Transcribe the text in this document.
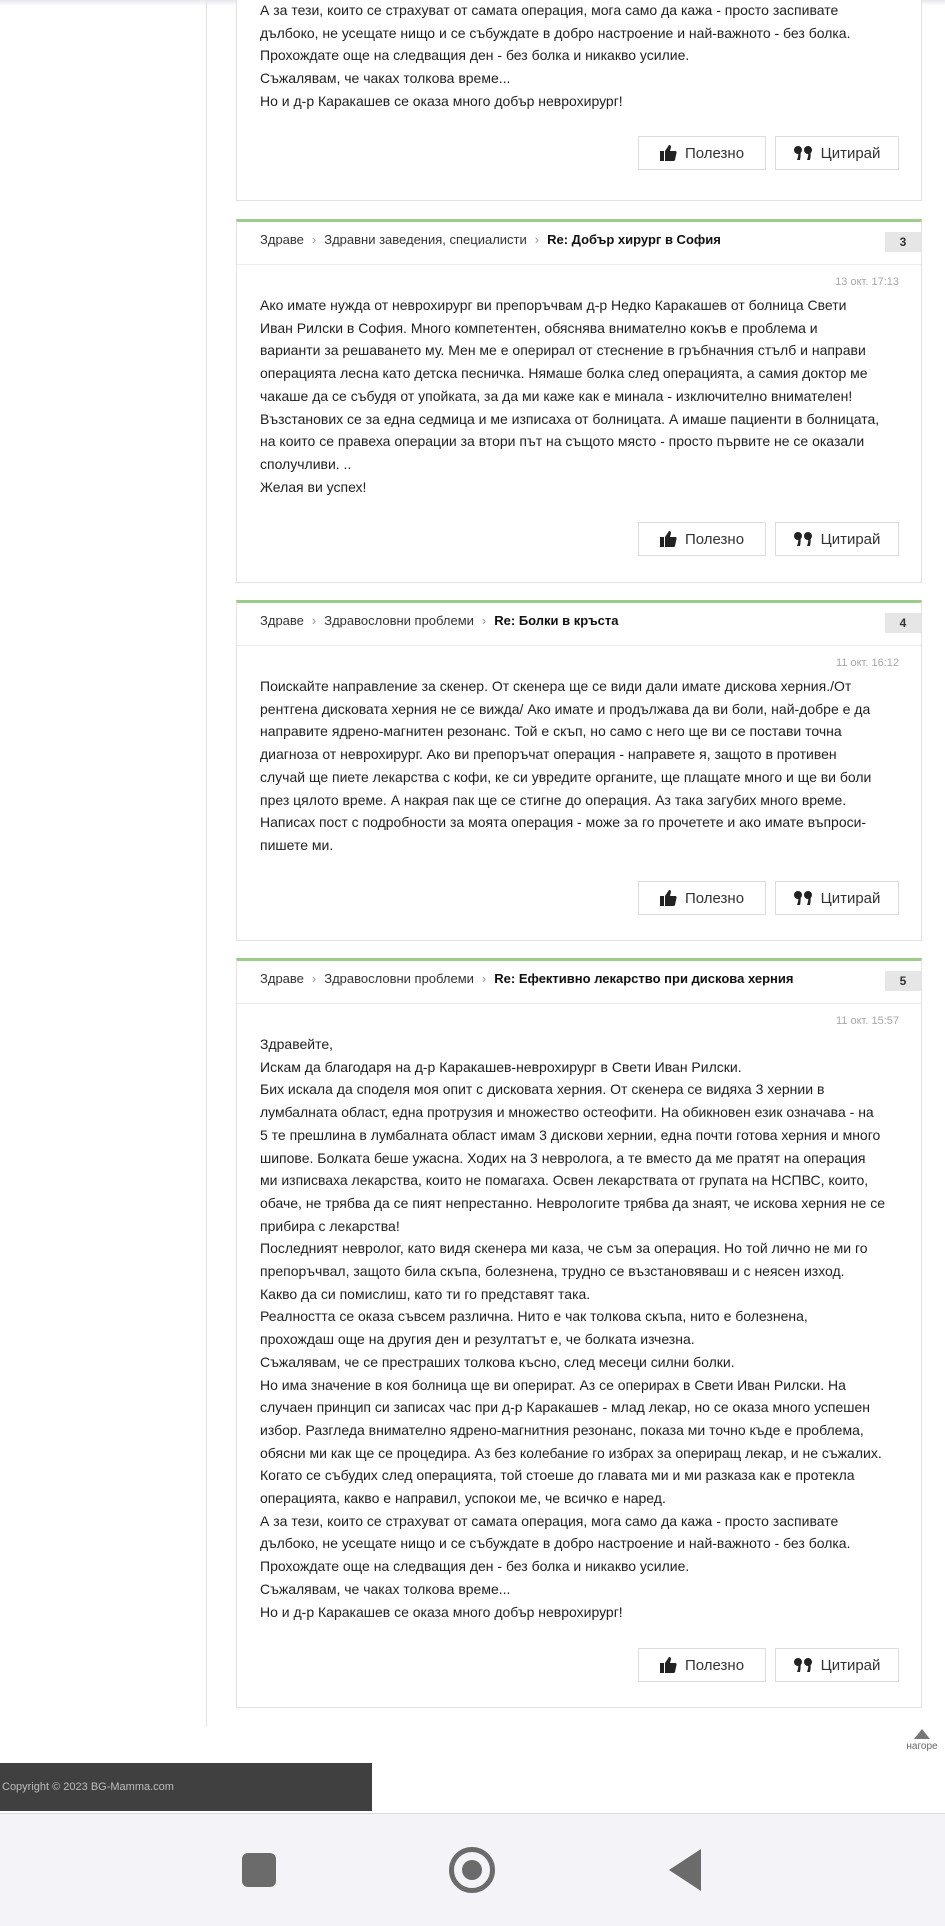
А за тези, които се страхуват от самата операция, мога само да кажа - просто заспивате

дълбоко, не усещате нищо и се събуждате в добро настроение и най-важното - без болка.

Прохождате още на следващия ден - без болка и никакво усилие.

Съжалявам, че чаках толкова време...

Но и д-р Каракашев се оказа много добър неврохирург!

Полезно	Цитирай
Здраве › Здравни заведения, специалисти › Re: Добър хирург в София	3
13 окт. 17:13

Ако имате нужда от неврохирург ви препоръчвам д-р Недко Каракашев от болница Свети

Иван Рилски в София. Много компетентен, обяснява внимателно кокъв е проблема и

варианти за решаването му. Мен ме е оперирал от стеснение в гръбначния стълб и направи

операцията лесна като детска песничка. Нямаше болка след операцията, а самия доктор ме

чакаше да се събудя от упойката, за да ми каже как е минала - изключително внимателен!

Възстанових се за една седмица и ме изписаха от болницата. А имаше пациенти в болницата,

на които се правеха операции за втори път на същото място - просто първите не се оказали

сполучливи. ..

Желая ви успех!

Полезно	Цитирай
Здраве › Здравословни проблеми › Re: Болки в кръста	4
11 окт. 16:12

Поискайте направление за скенер. От скенера ще се види дали имате дискова херния./От

рентгена дисковата херния не се вижда/ Ако имате и продължава да ви боли, най-добре е да

направите ядрено-магнитен резонанс. Той е скъп, но само с него ще ви се постави точна

диагноза от неврохирург. Ако ви препоръчат операция - направете я, защото в противен

случай ще пиете лекарства с кофи, ке си увредите органите, ще плащате много и ще ви боли

през цялото време. А накрая пак ще се стигне до операция. Аз така загубих много време.

Написах пост с подробности за моята операция - може за го прочетете и ако имате въпроси-

пишете ми.

Полезно	Цитирай
Здраве › Здравословни проблеми › Re: Ефективно лекарство при дискова херния	5
11 окт. 15:57

Здравейте,

Искам да благодаря на д-р Каракашев-неврохирург в Свети Иван Рилски.

Бих искала да споделя моя опит с дисковата херния. От скенера се видяха 3 хернии в

лумбалната област, една протрузия и множество остеофити. На обикновен език означава - на

5 те прешлина в лумбалната област имам 3 дискови хернии, една почти готова херния и много

шипове. Болката беше ужасна. Ходих на 3 невролога, а те вместо да ме пратят на операция

ми изписваха лекарства, които не помагаха. Освен лекарствата от групата на НСПВС, които,

обаче, не трябва да се пият непрестанно. Неврологите трябва да знаят, че искова херния не се

прибира с лекарства!

Последният невролог, като видя скенера ми каза, че съм за операция. Но той лично не ми го

препоръчвал, защото била скъпа, болезнена, трудно се възстановяваш и с неясен изход.

Какво да си помислиш, като ти го представят така.

Реалността се оказа съвсем различна. Нито е чак толкова скъпа, нито е болезнена,

прохождаш още на другия ден и резултатът е, че болката изчезна.

Съжалявам, че се престраших толкова късно, след месеци силни болки.

Но има значение в коя болница ще ви оперират. Аз се оперирах в Свети Иван Рилски. На

случаен принцип си записах час при д-р Каракашев - млад лекар, но се оказа много успешен

избор. Разгледа внимателно ядрено-магнитния резонанс, показа ми точно къде е проблема,

обясни ми как ще се процедира. Аз без колебание го избрах за опериращ лекар, и не съжалих.

Когато се събудих след операцията, той стоеше до главата ми и ми разказа как е протекла

операцията, какво е направил, успокои ме, че всичко е наред.

А за тези, които се страхуват от самата операция, мога само да кажа - просто заспивате

дълбоко, не усещате нищо и се събуждате в добро настроение и най-важното - без болка.

Прохождате още на следващия ден - без болка и никакво усилие.

Съжалявам, че чаках толкова време...

Но и д-р Каракашев се оказа много добър неврохирург!

Полезно	Цитирай
нагоре
Copyright © 2023 BG-Mamma.com
